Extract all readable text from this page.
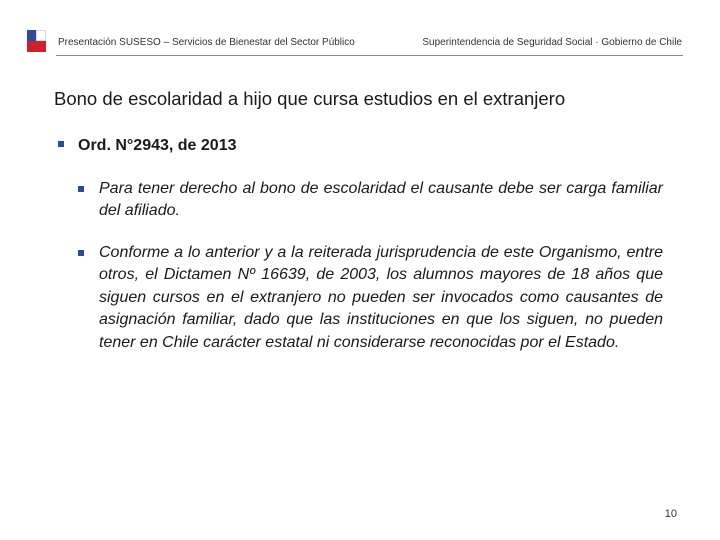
Presentación SUSESO – Servicios de Bienestar del Sector Público	Superintendencia de Seguridad Social · Gobierno de Chile
Bono de escolaridad a hijo que cursa estudios en el extranjero
Ord. N°2943, de 2013
Para tener derecho al bono de escolaridad el causante debe ser carga familiar del afiliado.
Conforme a lo anterior y a la reiterada jurisprudencia de este Organismo, entre otros, el Dictamen Nº 16639, de 2003, los alumnos mayores de 18 años que siguen cursos en el extranjero no pueden ser invocados como causantes de asignación familiar, dado que las instituciones en que los siguen, no pueden tener en Chile carácter estatal ni considerarse reconocidas por el Estado.
10
